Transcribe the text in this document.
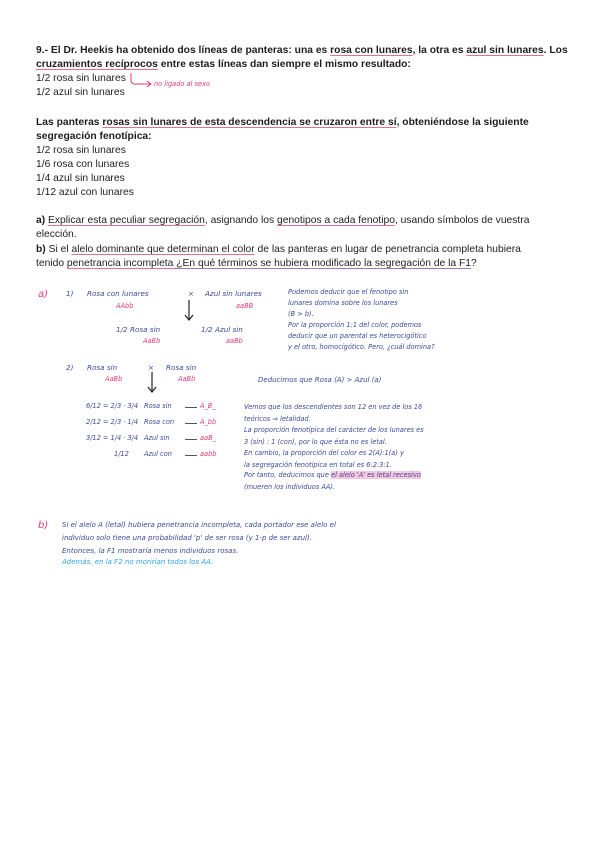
9.- El Dr. Heekis ha obtenido dos líneas de panteras: una es rosa con lunares, la otra es azul sin lunares. Los
cruzamientos recíprocos entre estas líneas dan siempre el mismo resultado:
1/2 rosa sin lunares
1/2 azul sin lunares
no ligado al sexo
Las panteras rosas sin lunares de esta descendencia se cruzaron entre sí, obteniéndose la siguiente
segregación fenotípica:
1/2 rosa sin lunares
1/6 rosa con lunares
1/4 azul sin lunares
1/12 azul con lunares
a) Explicar esta peculiar segregación, asignando los genotipos a cada fenotipo, usando símbolos de vuestra
elección.
b) Si el alelo dominante que determinan el color de las panteras en lugar de penetrancia completa hubiera
tenido penetrancia incompleta ¿En qué términos se hubiera modificado la segregación de la F1?
a) 1) Rosa con lunares	× Azul sin lunares
AAbb	aaBB
1/2 Rosa sin
AaBb
1/2 Azul sin
aaBb
Podemos deducir que el fenotipo sin
lunares domina sobre los lunares
(B > b).
Por la proporción 1:1 del color, podemos
deducir que un parental es heterocigótico
y el otro, homocigótico. Pero, ¿cuál domina?
2) Rosa sin	× Rosa sin
AaBb	AaBb	Deducimos que Rosa (A) > Azul (a)
6/12 = 2/3 · 3/4 Rosa sin	A_B_
2/12 = 2/3 · 1/4 Rosa con	A_bb
3/12 = 1/4 · 3/4 Azul sin	aaB_
1/12 Azul con	aabb
Vemos que los descendientes son 12 en vez de los 16
teóricos ⇒ letalidad.
La proporción fenotípica del carácter de los lunares es
3 (sin) : 1 (con), por lo que ésta no es letal.
En cambio, la proporción del color es 2(A):1(a) y
la segregación fenotípica en total es 6:2:3:1.
Por tanto, deducimos que el alelo 'A' es letal recesivo
(mueren los individuos AA).
b) Si el alelo A (letal) hubiera penetrancia incompleta, cada portador ese alelo el
individuo solo tiene una probabilidad 'p' de ser rosa (y 1-p de ser azul).
Entonces, la F1 mostraría menos individuos rosas.
Además, en la F2 no morirían todos los AA.
